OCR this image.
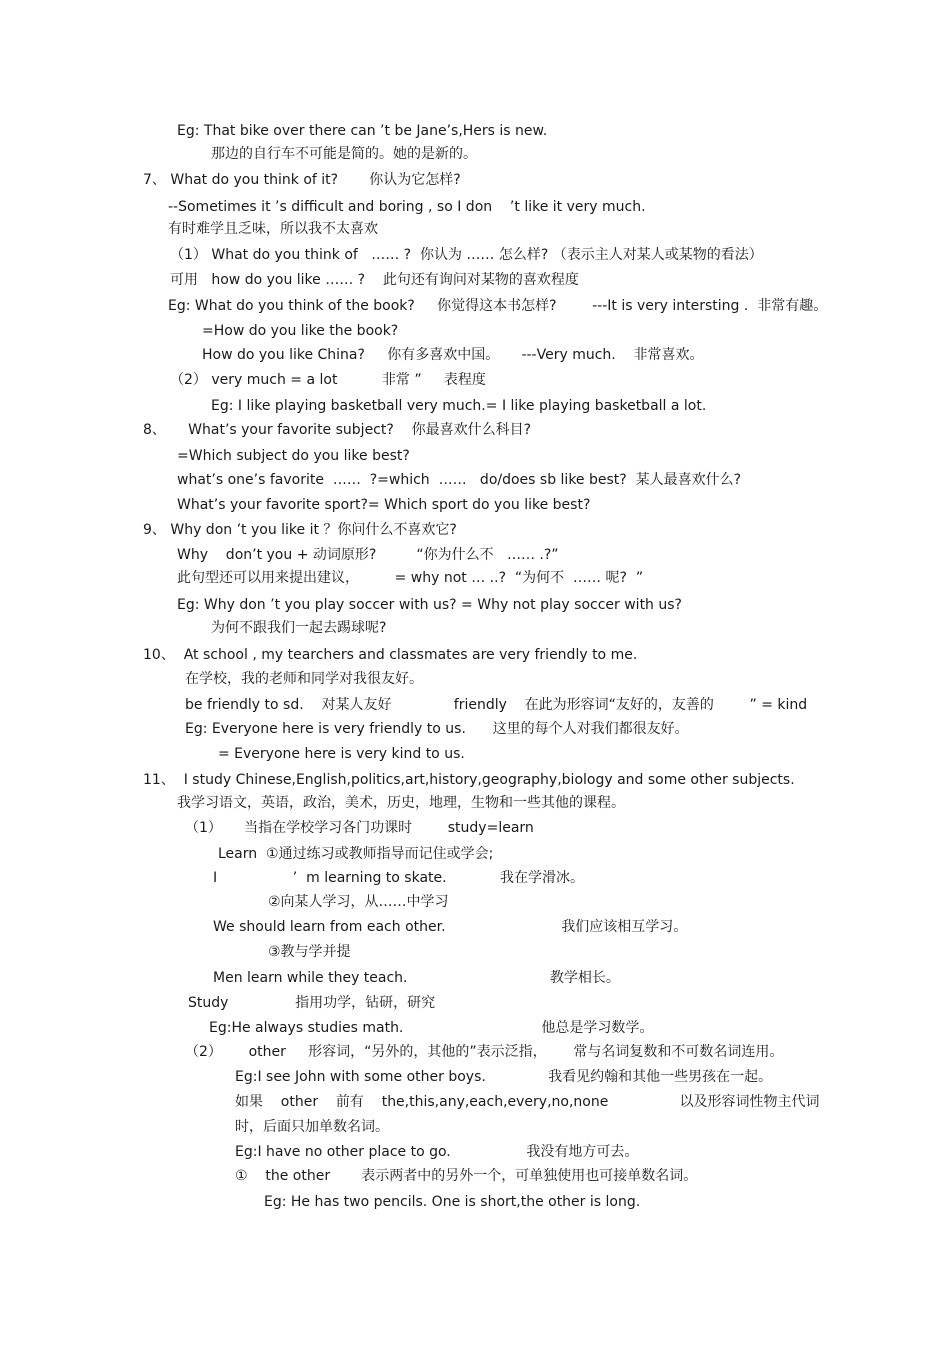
Eg: That bike over there can ’t be Jane’s,Hers is new.
那边的自行车不可能是简的。她的是新的。
7、 What do you think of it?       你认为它怎样?
--Sometimes it ’s difficult and boring , so I don    ’t like it very much.
有时难学且乏味，所以我不太喜欢
（1） What do you think of   …… ?  你认为 …… 怎么样? （表示主人对某人或某物的看法）
可用   how do you like …… ?    此句还有询问对某物的喜欢程度
Eg: What do you think of the book?     你觉得这本书怎样?        ---It is very intersting .  非常有趣。
=How do you like the book?
How do you like China?     你有多喜欢中国。     ---Very much.    非常喜欢。
（2） very much = a lot          非常 ”     表程度
Eg: I like playing basketball very much.= I like playing basketball a lot.
8、     What’s your favorite subject?    你最喜欢什么科目?
=Which subject do you like best?
what’s one’s favorite  ……  ?=which  ……   do/does sb like best?  某人最喜欢什么?
What’s your favorite sport?= Which sport do you like best?
9、 Why don ’t you like it ？你问什么不喜欢它?
Why    don’t you + 动词原形?         “你为什么不   …… .?”
此句型还可以用来提出建议，        = why not … ..?  “为何不  …… 呢?  ”
Eg: Why don ’t you play soccer with us? = Why not play soccer with us?
为何不跟我们一起去踢球呢?
10、  At school , my tearchers and classmates are very friendly to me.
在学校，我的老师和同学对我很友好。
be friendly to sd.    对某人友好              friendly    在此为形容词“友好的，友善的        ” = kind
Eg: Everyone here is very friendly to us.      这里的每个人对我们都很友好。
= Everyone here is very kind to us.
11、  I study Chinese,English,politics,art,history,geography,biology and some other subjects.
我学习语文，英语，政治，美术，历史，地理，生物和一些其他的课程。
（1）     当指在学校学习各门功课时        study=learn
Learn  ①通过练习或教师指导而记住或学会;
I                 ’  m learning to skate.            我在学滑冰。
②向某人学习，从……中学习
We should learn from each other.                          我们应该相互学习。
③教与学并提
Men learn while they teach.                                教学相长。
Study               指用功学，钻研，研究
Eg:He always studies math.                               他总是学习数学。
（2）      other     形容词，“另外的，其他的”表示泛指，      常与名词复数和不可数名词连用。
Eg:I see John with some other boys.              我看见约翰和其他一些男孩在一起。
如果    other    前有    the,this,any,each,every,no,none                以及形容词性物主代词
时，后面只加单数名词。
Eg:I have no other place to go.                 我没有地方可去。
①    the other       表示两者中的另外一个，可单独使用也可接单数名词。
Eg: He has two pencils. One is short,the other is long.
